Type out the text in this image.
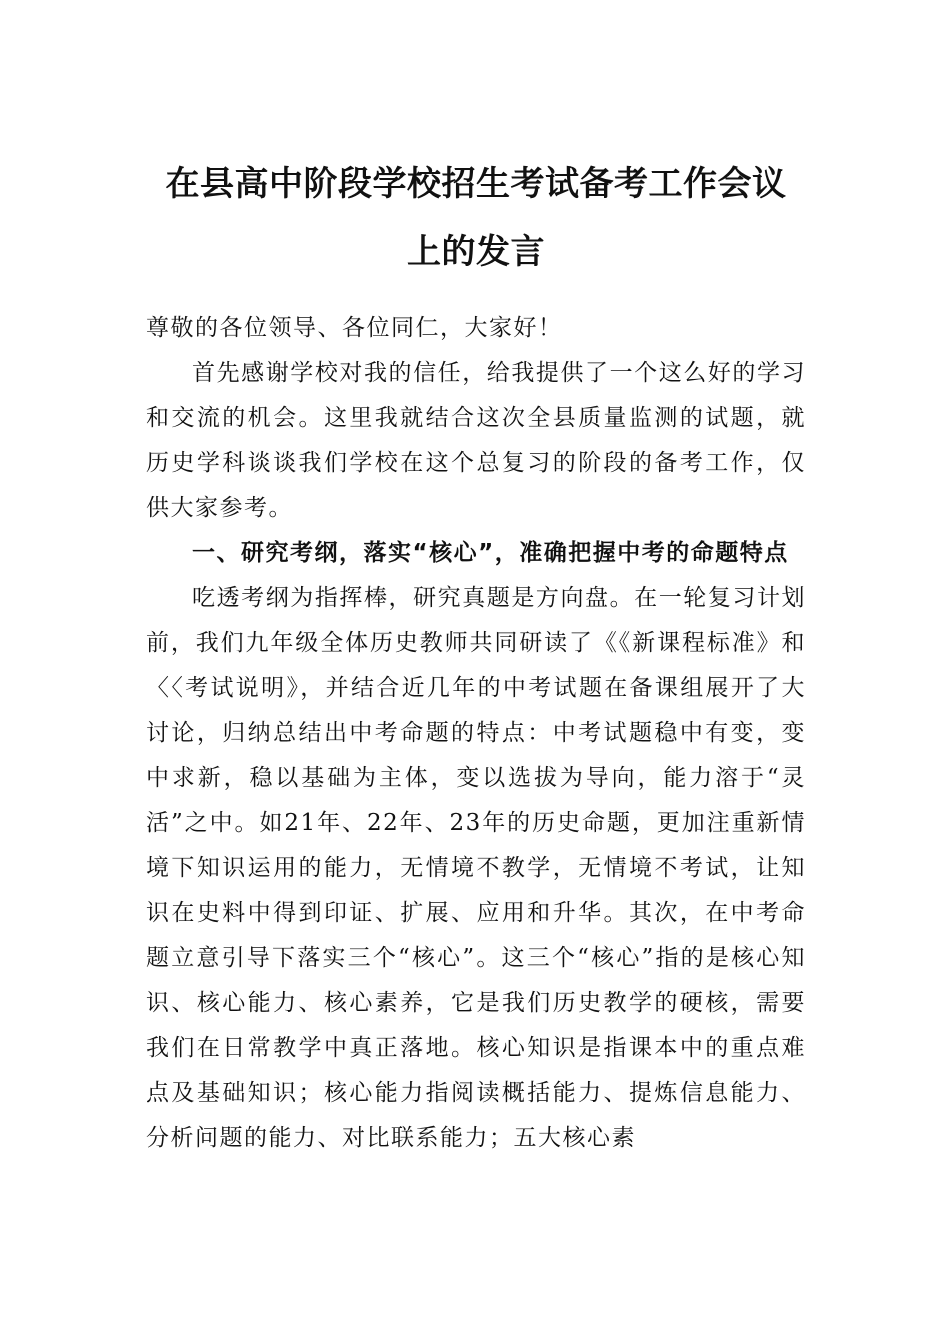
在县高中阶段学校招生考试备考工作会议
上的发言

尊敬的各位领导、各位同仁，大家好！

首先感谢学校对我的信任，给我提供了一个这么好的学习和交流的机会。这里我就结合这次全县质量监测的试题，就历史学科谈谈我们学校在这个总复习的阶段的备考工作，仅供大家参考。

一、研究考纲，落实“核心”，准确把握中考的命题特点

吃透考纲为指挥棒，研究真题是方向盘。在一轮复习计划前，我们九年级全体历史教师共同研读了《《新课程标准》和〈〈考试说明》，并结合近几年的中考试题在备课组展开了大讨论，归纳总结出中考命题的特点：中考试题稳中有变，变中求新，稳以基础为主体，变以选拔为导向，能力溶于“灵活”之中。如21年、22年、23年的历史命题，更加注重新情境下知识运用的能力，无情境不教学，无情境不考试，让知识在史料中得到印证、扩展、应用和升华。其次，在中考命题立意引导下落实三个“核心”。这三个“核心”指的是核心知识、核心能力、核心素养，它是我们历史教学的硬核，需要我们在日常教学中真正落地。核心知识是指课本中的重点难点及基础知识；核心能力指阅读概括能力、提炼信息能力、分析问题的能力、对比联系能力；五大核心素
